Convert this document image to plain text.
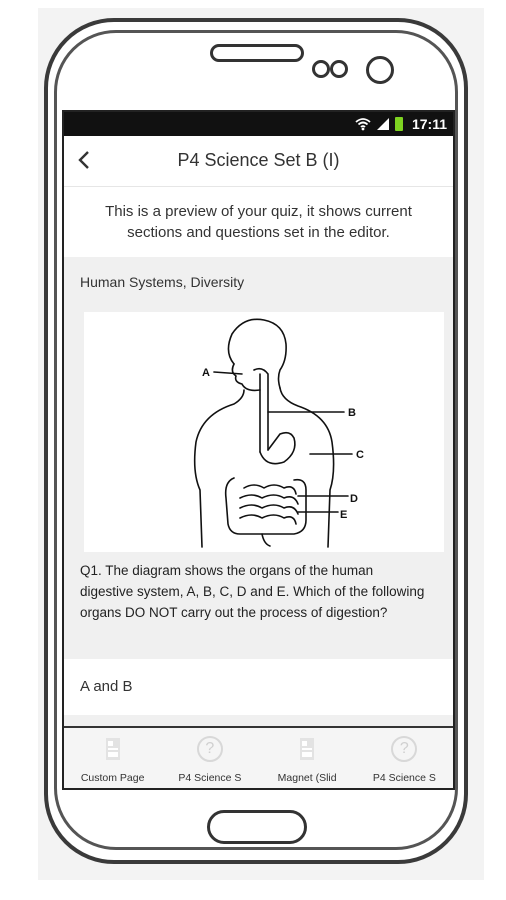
17:11
P4 Science Set B (I)
This is a preview of your quiz, it shows current sections and questions set in the editor.
Human Systems, Diversity
A
B
C
D
E
Q1. The diagram shows the organs of the human digestive system, A, B, C, D and E. Which of the following organs DO NOT carry out the process of digestion?
A and B
Custom Page
?
P4 Science S	Magnet (Slid
?
P4 Science S
